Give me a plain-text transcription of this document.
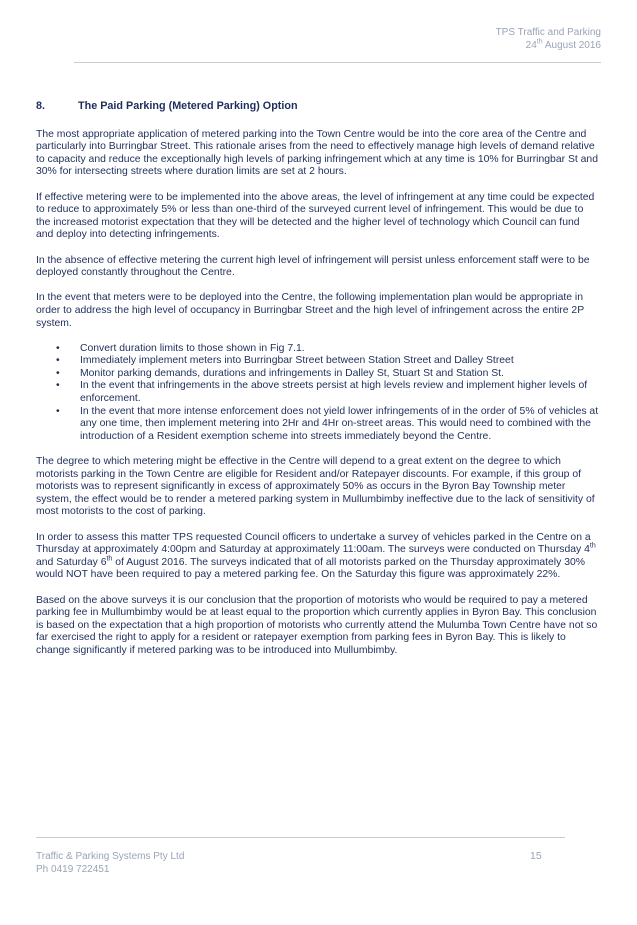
TPS Traffic and Parking
24th August 2016
8.	The Paid Parking (Metered Parking) Option

The most appropriate application of metered parking into the Town Centre would be into the core area of the Centre and particularly into Burringbar Street. This rationale arises from the need to effectively manage high levels of demand relative to capacity and reduce the exceptionally high levels of parking infringement which at any time is 10% for Burringbar St and 30% for intersecting streets where duration limits are set at 2 hours.

If effective metering were to be implemented into the above areas, the level of infringement at any time could be expected to reduce to approximately 5% or less than one-third of the surveyed current level of infringement. This would be due to the increased motorist expectation that they will be detected and the higher level of technology which Council can fund and deploy into detecting infringements.

In the absence of effective metering the current high level of infringement will persist unless enforcement staff were to be deployed constantly throughout the Centre.

In the event that meters were to be deployed into the Centre, the following implementation plan would be appropriate in order to address the high level of occupancy in Burringbar Street and the high level of infringement across the entire 2P system.

• Convert duration limits to those shown in Fig 7.1.
• Immediately implement meters into Burringbar Street between Station Street and Dalley Street
• Monitor parking demands, durations and infringements in Dalley St, Stuart St and Station St.
• In the event that infringements in the above streets persist at high levels review and implement higher levels of enforcement.
• In the event that more intense enforcement does not yield lower infringements of in the order of 5% of vehicles at any one time, then implement metering into 2Hr and 4Hr on-street areas. This would need to combined with the introduction of a Resident exemption scheme into streets immediately beyond the Centre.

The degree to which metering might be effective in the Centre will depend to a great extent on the degree to which motorists parking in the Town Centre are eligible for Resident and/or Ratepayer discounts. For example, if this group of motorists was to represent significantly in excess of approximately 50% as occurs in the Byron Bay Township meter system, the effect would be to render a metered parking system in Mullumbimby ineffective due to the lack of sensitivity of most motorists to the cost of parking.

In order to assess this matter TPS requested Council officers to undertake a survey of vehicles parked in the Centre on a Thursday at approximately 4:00pm and Saturday at approximately 11:00am. The surveys were conducted on Thursday 4th and Saturday 6th of August 2016. The surveys indicated that of all motorists parked on the Thursday approximately 30% would NOT have been required to pay a metered parking fee. On the Saturday this figure was approximately 22%.

Based on the above surveys it is our conclusion that the proportion of motorists who would be required to pay a metered parking fee in Mullumbimby would be at least equal to the proportion which currently applies in Byron Bay. This conclusion is based on the expectation that a high proportion of motorists who currently attend the Mulumba Town Centre have not so far exercised the right to apply for a resident or ratepayer exemption from parking fees in Byron Bay. This is likely to change significantly if metered parking was to be introduced into Mullumbimby.

Traffic & Parking Systems Pty Ltd
Ph 0419 722451
15
